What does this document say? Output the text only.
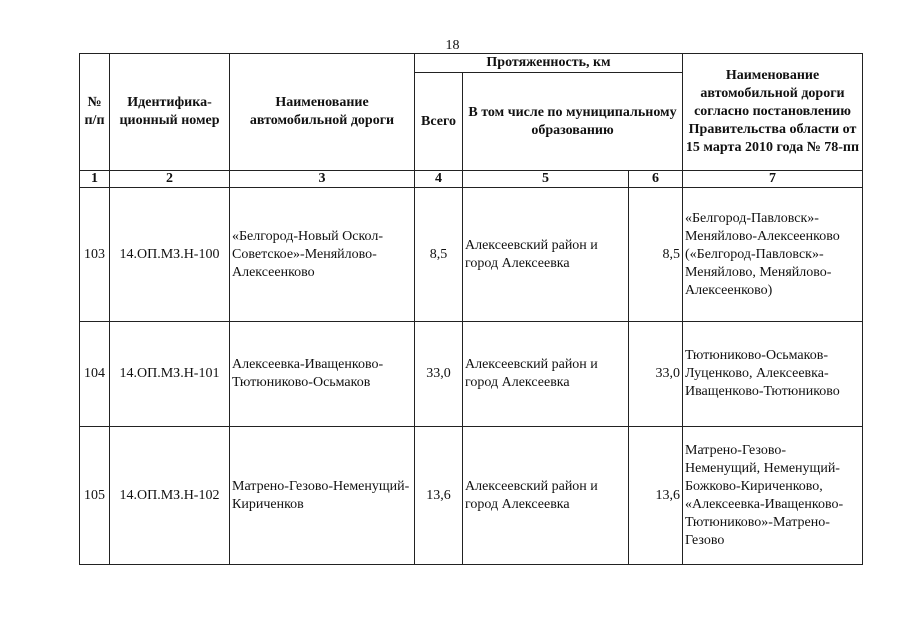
18
№ п/п	Идентифика- ционный номер	Наименование автомобильной дороги	Протяженность, км			Наименование автомобильной дороги согласно постановлению Правительства области от 15 марта 2010 года № 78-пп
			Всего	В том числе по муниципальному образованию		
1	2	3	4	5	6	7
103	14.ОП.МЗ.Н-100	«Белгород-Новый Оскол-Советское»-Меняйлово-Алексеенково	8,5	Алексеевский район и город Алексеевка	8,5	«Белгород-Павловск»-Меняйлово-Алексеенково («Белгород-Павловск»-Меняйлово, Меняйлово-Алексеенково)
104	14.ОП.МЗ.Н-101	Алексеевка-Иващенково-Тютюниково-Осьмаков	33,0	Алексеевский район и город Алексеевка	33,0	Тютюниково-Осьмаков-Луценково, Алексеевка-Иващенково-Тютюниково
105	14.ОП.МЗ.Н-102	Матрено-Гезово-Неменущий-Кириченков	13,6	Алексеевский район и город Алексеевка	13,6	Матрено-Гезово-Неменущий, Неменущий-Божково-Кириченково, «Алексеевка-Иващенково-Тютюниково»-Матрено-Гезово
